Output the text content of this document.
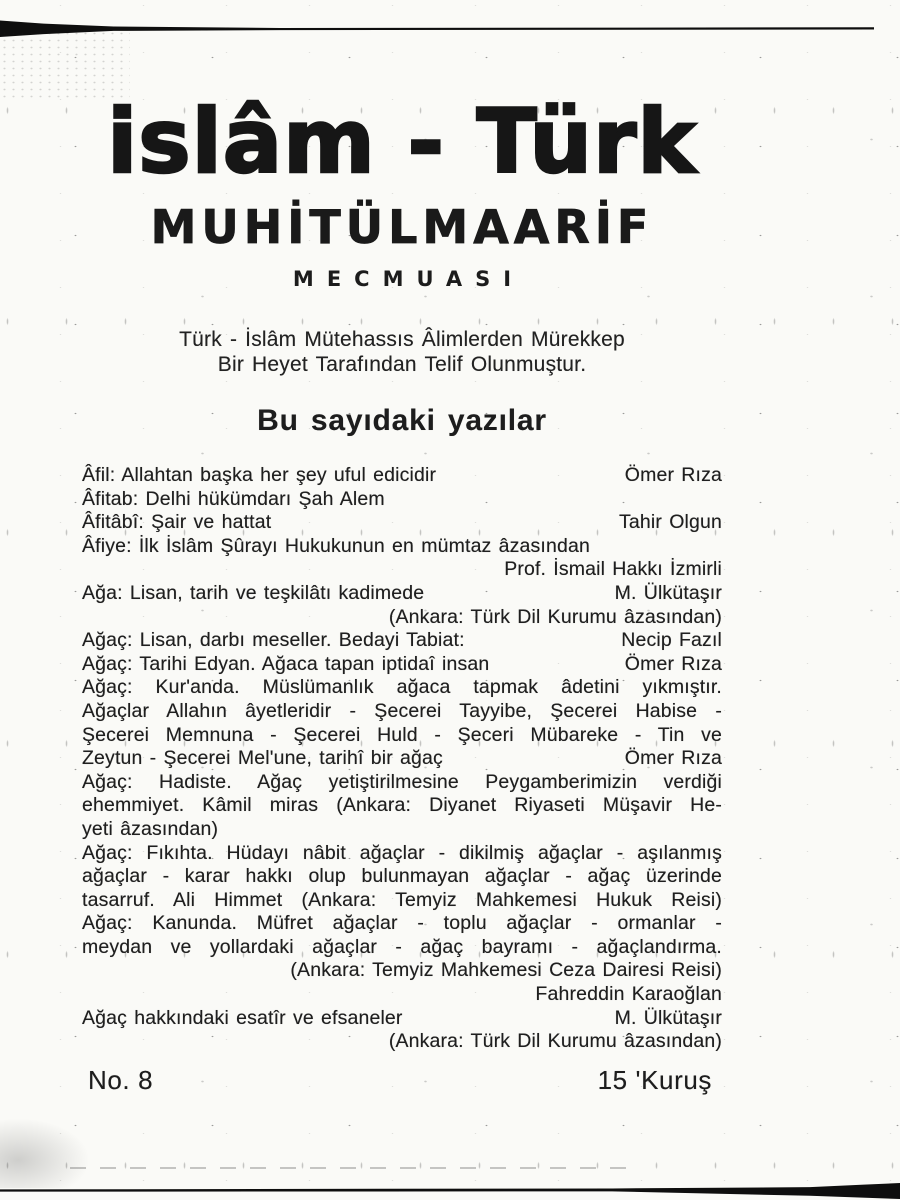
islâm - Türk
MUHİTÜLMAARİF
MECMUASI
Türk - İslâm Mütehassıs Âlimlerden Mürekkep
Bir Heyet Tarafından Telif Olunmuştur.
Bu sayıdaki yazılar
Âfil: Allahtan başka her şey uful edicidir	Ömer Rıza
Âfitab: Delhi hükümdarı Şah Alem
Âfitâbî: Şair ve hattat	Tahir Olgun
Âfiye: İlk İslâm Şûrayı Hukukunun en mümtaz âzasından
Prof. İsmail Hakkı İzmirli
Ağa: Lisan, tarih ve teşkilâtı kadimede	M. Ülkütaşır
(Ankara: Türk Dil Kurumu âzasından)
Ağaç: Lisan, darbı meseller. Bedayi Tabiat:	Necip Fazıl
Ağaç: Tarihi Edyan. Ağaca tapan iptidaî insan	Ömer Rıza
Ağaç: Kur'anda. Müslümanlık ağaca tapmak âdetini yıkmıştır.
Ağaçlar Allahın âyetleridir - Şecerei Tayyibe, Şecerei Habise -
Şecerei Memnuna - Şecerei Huld - Şeceri Mübareke - Tin ve
Zeytun - Şecerei Mel'une, tarihî bir ağaç	Ömer Rıza
Ağaç: Hadiste. Ağaç yetiştirilmesine Peygamberimizin verdiği
ehemmiyet. Kâmil miras (Ankara: Diyanet Riyaseti Müşavir He-
yeti âzasından)
Ağaç: Fıkıhta. Hüdayı nâbit ağaçlar - dikilmiş ağaçlar - aşılanmış
ağaçlar - karar hakkı olup bulunmayan ağaçlar - ağaç üzerinde
tasarruf. Ali Himmet (Ankara: Temyiz Mahkemesi Hukuk Reisi)
Ağaç: Kanunda. Müfret ağaçlar - toplu ağaçlar - ormanlar -
meydan ve yollardaki ağaçlar - ağaç bayramı - ağaçlandırma.
(Ankara: Temyiz Mahkemesi Ceza Dairesi Reisi)
Fahreddin Karaoğlan
Ağaç hakkındaki esatîr ve efsaneler	M. Ülkütaşır
(Ankara: Türk Dil Kurumu âzasından)
No. 8	15 'Kuruş
